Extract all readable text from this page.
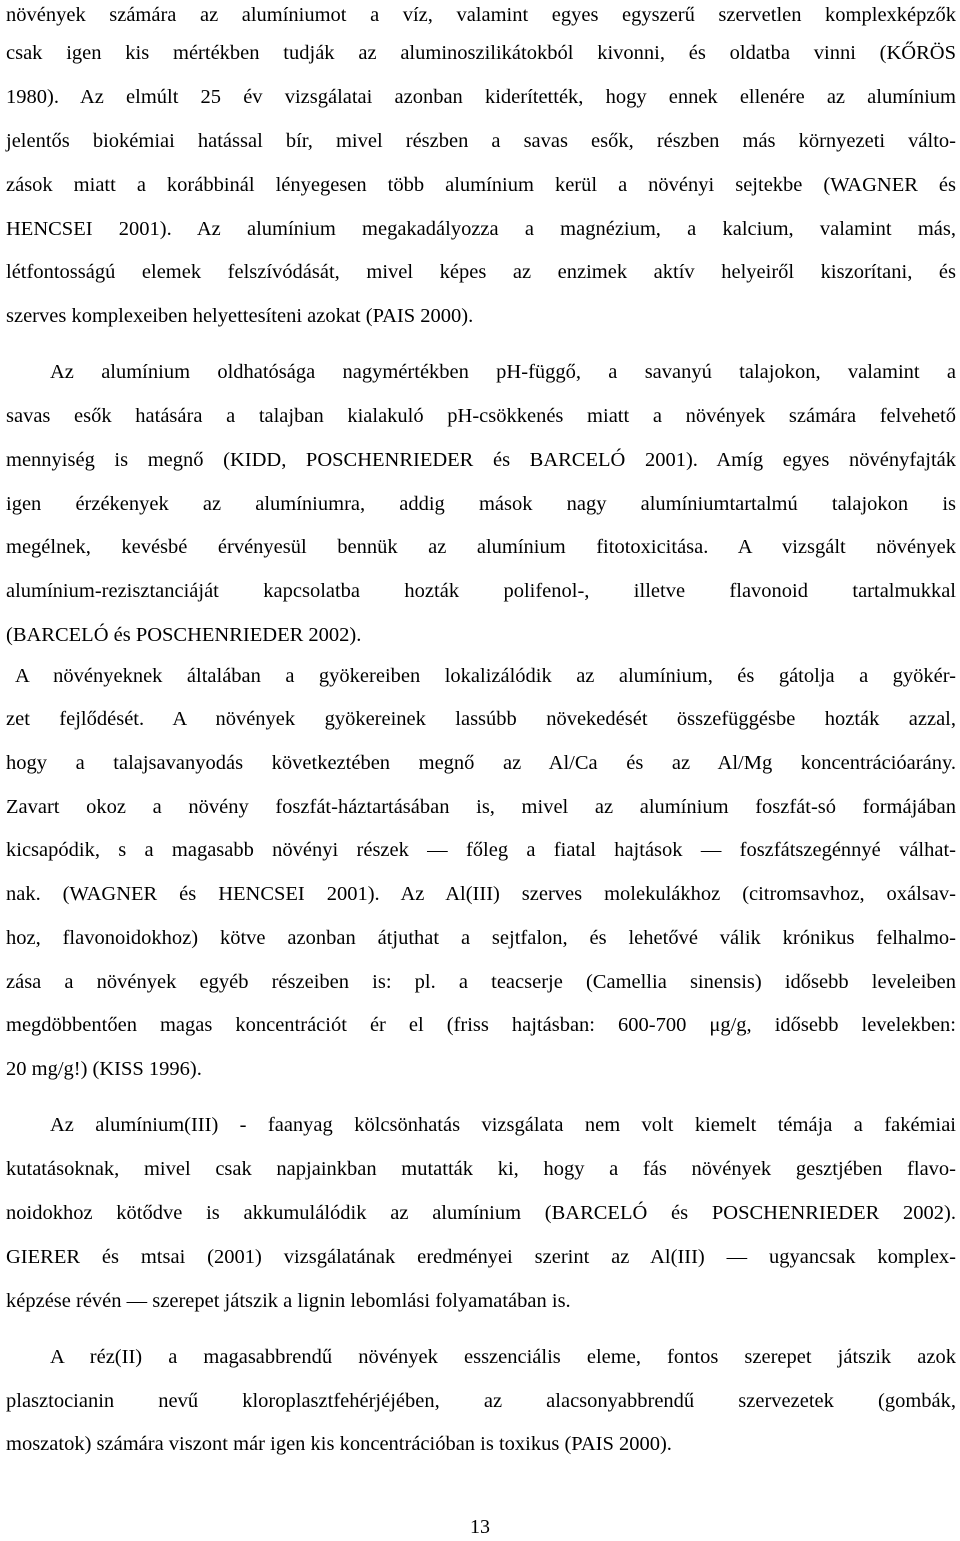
növények számára az alumíniumot a víz, valamint egyes egyszerű szervetlen komplexképzők
csak igen kis mértékben tudják az aluminoszilikátokból kivonni, és oldatba vinni (KŐRÖS
1980). Az elmúlt 25 év vizsgálatai azonban kiderítették, hogy ennek ellenére az alumínium
jelentős biokémiai hatással bír, mivel részben a savas esők, részben más környezeti válto-
zások miatt a korábbinál lényegesen több alumínium kerül a növényi sejtekbe (WAGNER és
HENCSEI 2001). Az alumínium megakadályozza a magnézium, a kalcium, valamint más,
létfontosságú elemek felszívódását, mivel képes az enzimek aktív helyeiről kiszorítani, és
szerves komplexeiben helyettesíteni azokat (PAIS 2000).
Az alumínium oldhatósága nagymértékben pH-függő, a savanyú talajokon, valamint a
savas esők hatására a talajban kialakuló pH-csökkenés miatt a növények számára felvehető
mennyiség is megnő (KIDD, POSCHENRIEDER és BARCELÓ 2001). Amíg egyes növényfajták
igen érzékenyek az alumíniumra, addig mások nagy alumíniumtartalmú talajokon is
megélnek, kevésbé érvényesül bennük az alumínium fitotoxicitása. A vizsgált növények
alumínium-rezisztanciáját kapcsolatba hozták polifenol-, illetve flavonoid tartalmukkal
(BARCELÓ és POSCHENRIEDER 2002).
A növényeknek általában a gyökereiben lokalizálódik az alumínium, és gátolja a gyökér-
zet fejlődését. A növények gyökereinek lassúbb növekedését összefüggésbe hozták azzal,
hogy a talajsavanyodás következtében megnő az Al/Ca és az Al/Mg koncentrációarány.
Zavart okoz a növény foszfát-háztartásában is, mivel az alumínium foszfát-só formájában
kicsapódik, s a magasabb növényi részek — főleg a fiatal hajtások — foszfátszegénnyé válhat-
nak. (WAGNER és HENCSEI 2001). Az Al(III) szerves molekulákhoz (citromsavhoz, oxálsav-
hoz, flavonoidokhoz) kötve azonban átjuthat a sejtfalon, és lehetővé válik krónikus felhalmo-
zása a növények egyéb részeiben is: pl. a teacserje (Camellia sinensis) idősebb leveleiben
megdöbbentően magas koncentrációt ér el (friss hajtásban: 600-700 μg/g, idősebb levelekben:
20 mg/g!) (KISS 1996).
Az alumínium(III) - faanyag kölcsönhatás vizsgálata nem volt kiemelt témája a fakémiai
kutatásoknak, mivel csak napjainkban mutatták ki, hogy a fás növények gesztjében flavo-
noidokhoz kötődve is akkumulálódik az alumínium (BARCELÓ és POSCHENRIEDER 2002).
GIERER és mtsai (2001) vizsgálatának eredményei szerint az Al(III) — ugyancsak komplex-
képzése révén — szerepet játszik a lignin lebomlási folyamatában is.
A réz(II) a magasabbrendű növények esszenciális eleme, fontos szerepet játszik azok
plasztocianin nevű kloroplasztfehérjéjében, az alacsonyabbrendű szervezetek (gombák,
moszatok) számára viszont már igen kis koncentrációban is toxikus (PAIS 2000).
13
